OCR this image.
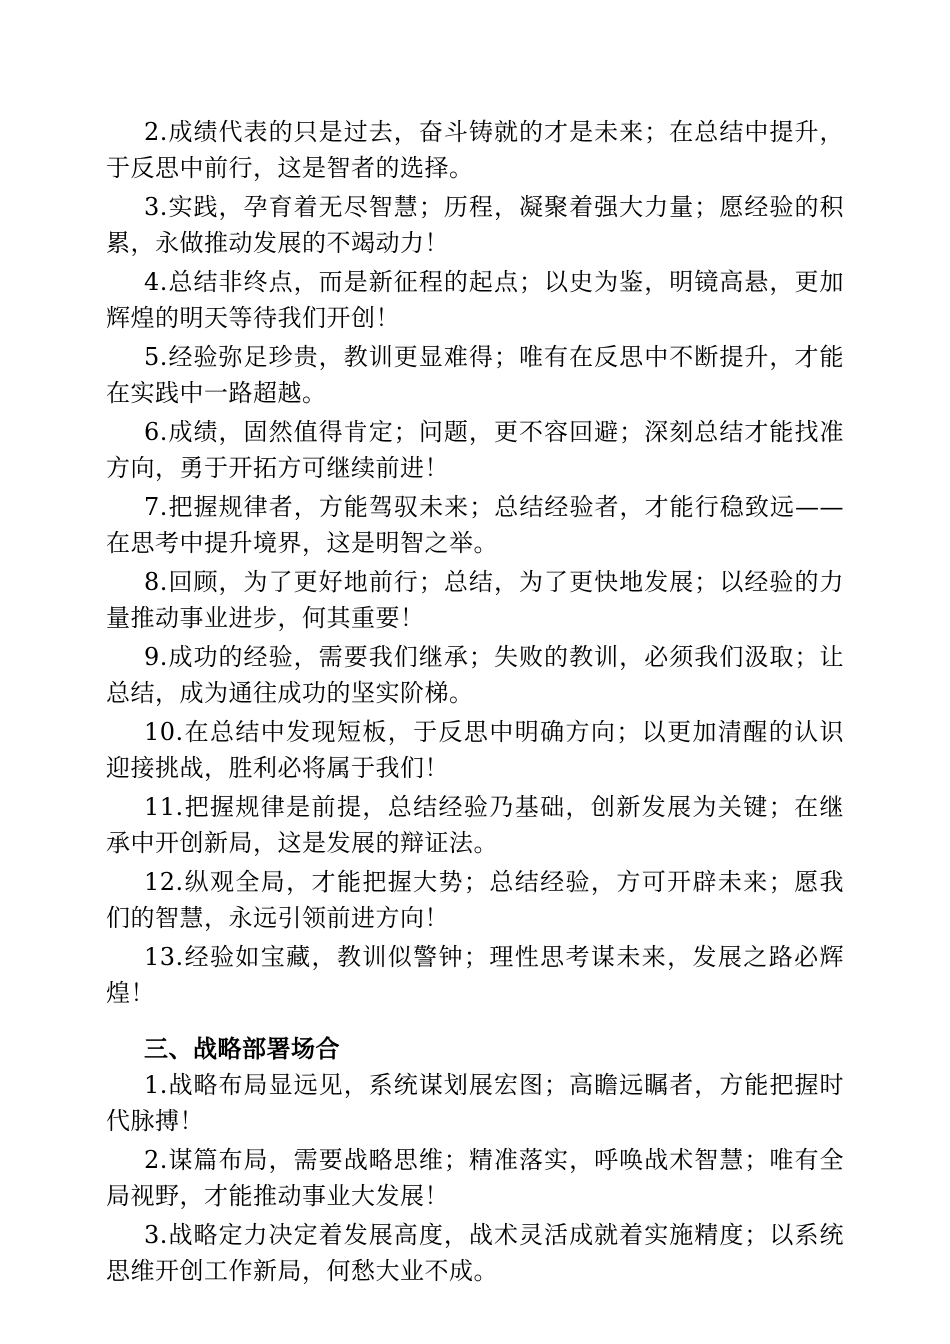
2.成绩代表的只是过去，奋斗铸就的才是未来；在总结中提升，于反思中前行，这是智者的选择。

3.实践，孕育着无尽智慧；历程，凝聚着强大力量；愿经验的积累，永做推动发展的不竭动力！

4.总结非终点，而是新征程的起点；以史为鉴，明镜高悬，更加辉煌的明天等待我们开创！

5.经验弥足珍贵，教训更显难得；唯有在反思中不断提升，才能在实践中一路超越。

6.成绩，固然值得肯定；问题，更不容回避；深刻总结才能找准方向，勇于开拓方可继续前进！

7.把握规律者，方能驾驭未来；总结经验者，才能行稳致远——在思考中提升境界，这是明智之举。

8.回顾，为了更好地前行；总结，为了更快地发展；以经验的力量推动事业进步，何其重要！

9.成功的经验，需要我们继承；失败的教训，必须我们汲取；让总结，成为通往成功的坚实阶梯。

10.在总结中发现短板，于反思中明确方向；以更加清醒的认识迎接挑战，胜利必将属于我们！

11.把握规律是前提，总结经验乃基础，创新发展为关键；在继承中开创新局，这是发展的辩证法。

12.纵观全局，才能把握大势；总结经验，方可开辟未来；愿我们的智慧，永远引领前进方向！

13.经验如宝藏，教训似警钟；理性思考谋未来，发展之路必辉煌！

三、战略部署场合

1.战略布局显远见，系统谋划展宏图；高瞻远瞩者，方能把握时代脉搏！

2.谋篇布局，需要战略思维；精准落实，呼唤战术智慧；唯有全局视野，才能推动事业大发展！

3.战略定力决定着发展高度，战术灵活成就着实施精度；以系统思维开创工作新局，何愁大业不成。
